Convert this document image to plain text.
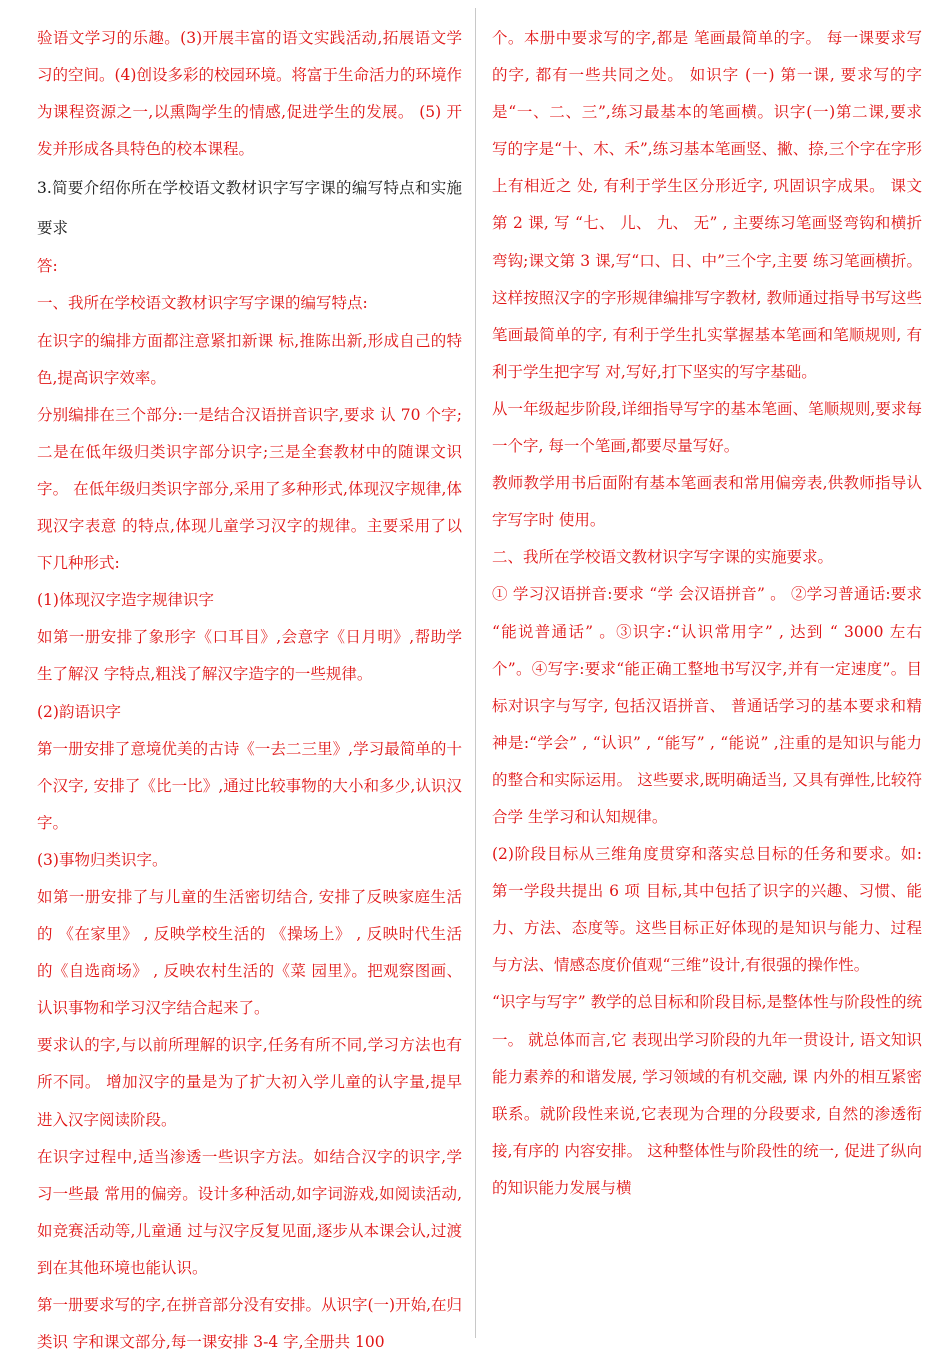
验语文学习的乐趣。(3)开展丰富的语文实践活动,拓展语文学习的空间。(4)创设多彩的校园环境。将富于生命活力的环境作为课程资源之一,以熏陶学生的情感,促进学生的发展。 (5) 开发并形成各具特色的校本课程。

3.简要介绍你所在学校语文教材识字写字课的编写特点和实施要求

答:

一、我所在学校语文教材识字写字课的编写特点:

在识字的编排方面都注意紧扣新课 标,推陈出新,形成自己的特色,提高识字效率。

分别编排在三个部分:一是结合汉语拼音识字,要求 认 70 个字;二是在低年级归类识字部分识字;三是全套教材中的随课文识字。 在低年级归类识字部分,采用了多种形式,体现汉字规律,体现汉字表意 的特点,体现儿童学习汉字的规律。主要采用了以下几种形式:

(1)体现汉字造字规律识字

如第一册安排了象形字《口耳目》,会意字《日月明》,帮助学生了解汉 字特点,粗浅了解汉字造字的一些规律。

(2)韵语识字

第一册安排了意境优美的古诗《一去二三里》,学习最简单的十个汉字, 安排了《比一比》,通过比较事物的大小和多少,认识汉字。

(3)事物归类识字。

如第一册安排了与儿童的生活密切结合, 安排了反映家庭生活的 《在家里》 , 反映学校生活的 《操场上》 , 反映时代生活的《自选商场》 , 反映农村生活的《菜 园里》。把观察图画、认识事物和学习汉字结合起来了。

要求认的字,与以前所理解的识字,任务有所不同,学习方法也有所不同。 增加汉字的量是为了扩大初入学儿童的认字量,提早进入汉字阅读阶段。

在识字过程中,适当渗透一些识字方法。如结合汉字的识字,学习一些最 常用的偏旁。设计多种活动,如字词游戏,如阅读活动,如竞赛活动等,儿童通 过与汉字反复见面,逐步从本课会认,过渡到在其他环境也能认识。

第一册要求写的字,在拼音部分没有安排。从识字(一)开始,在归类识 字和课文部分,每一课安排 3-4 字,全册共 100

个。本册中要求写的字,都是 笔画最简单的字。 每一课要求写的字, 都有一些共同之处。 如识字 (一) 第一课, 要求写的字是“一、二、三”,练习最基本的笔画横。识字(一)第二课,要求 写的字是“十、木、禾”,练习基本笔画竖、撇、捺,三个字在字形上有相近之 处, 有利于学生区分形近字, 巩固识字成果。 课文第 2 课, 写 “七、 儿、 九、 无” , 主要练习笔画竖弯钩和横折弯钩;课文第 3 课,写“口、日、中”三个字,主要 练习笔画横折。 这样按照汉字的字形规律编排写字教材, 教师通过指导书写这些笔画最简单的字, 有利于学生扎实掌握基本笔画和笔顺规则, 有利于学生把字写 对,写好,打下坚实的写字基础。

从一年级起步阶段,详细指导写字的基本笔画、笔顺规则,要求每一个字, 每一个笔画,都要尽量写好。

教师教学用书后面附有基本笔画表和常用偏旁表,供教师指导认字写字时 使用。

二、我所在学校语文教材识字写字课的实施要求。

① 学习汉语拼音:要求 “学 会汉语拼音” 。 ②学习普通话:要求 “能说普通话” 。③识字:“认识常用字” , 达到 “ 3000 左右个”。④写字:要求“能正确工整地书写汉字,并有一定速度”。目标对识字与写字, 包括汉语拼音、 普通话学习的基本要求和精神是:“学会” , “认识” , “能写” , “能说” ,注重的是知识与能力的整合和实际运用。 这些要求,既明确适当, 又具有弹性,比较符合学 生学习和认知规律。

(2)阶段目标从三维角度贯穿和落实总目标的任务和要求。如:第一学段共提出 6 项 目标,其中包括了识字的兴趣、习惯、能力、方法、态度等。这些目标正好体现的是知识与能力、过程与方法、情感态度价值观“三维”设计,有很强的操作性。

“识字与写字” 教学的总目标和阶段目标,是整体性与阶段性的统一。 就总体而言,它 表现出学习阶段的九年一贯设计, 语文知识能力素养的和谐发展, 学习领域的有机交融, 课 内外的相互紧密联系。就阶段性来说,它表现为合理的分段要求, 自然的渗透衔接,有序的 内容安排。 这种整体性与阶段性的统一, 促进了纵向的知识能力发展与横
